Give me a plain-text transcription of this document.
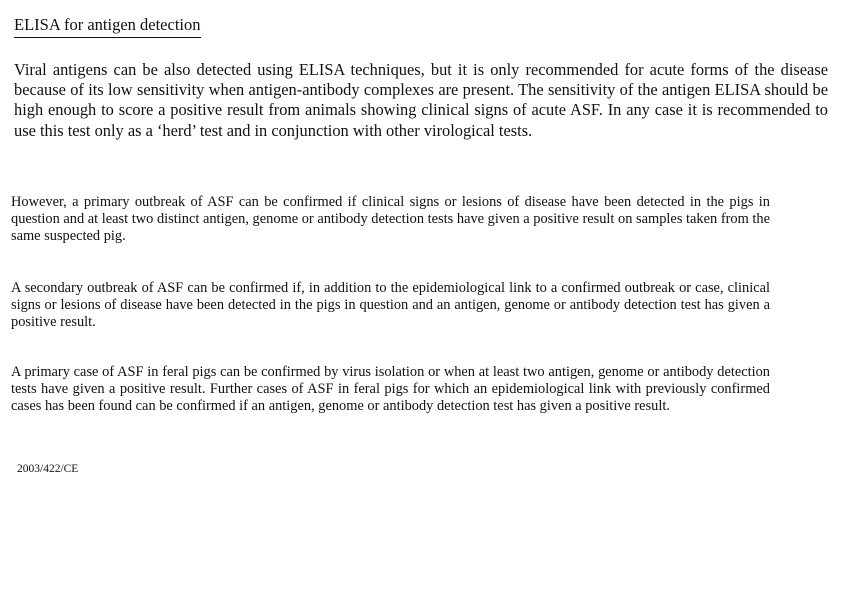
ELISA for antigen detection

Viral antigens can be also detected using ELISA techniques, but it is only recommended for acute forms of the disease because of its low sensitivity when antigen-antibody complexes are present. The sensitivity of the antigen ELISA should be high enough to score a positive result from animals showing clinical signs of acute ASF. In any case it is recommended to use this test only as a ‘herd’ test and in conjunction with other virological tests.

However, a primary outbreak of ASF can be confirmed if clinical signs or lesions of disease have been detected in the pigs in question and at least two distinct antigen, genome or antibody detection tests have given a positive result on samples taken from the same suspected pig.

A secondary outbreak of ASF can be confirmed if, in addition to the epidemiological link to a confirmed outbreak or case, clinical signs or lesions of disease have been detected in the pigs in question and an antigen, genome or antibody detection test has given a positive result.

A primary case of ASF in feral pigs can be confirmed by virus isolation or when at least two antigen, genome or antibody detection tests have given a positive result. Further cases of ASF in feral pigs for which an epidemiological link with previously confirmed cases has been found can be confirmed if an antigen, genome or antibody detection test has given a positive result.

2003/422/CE
